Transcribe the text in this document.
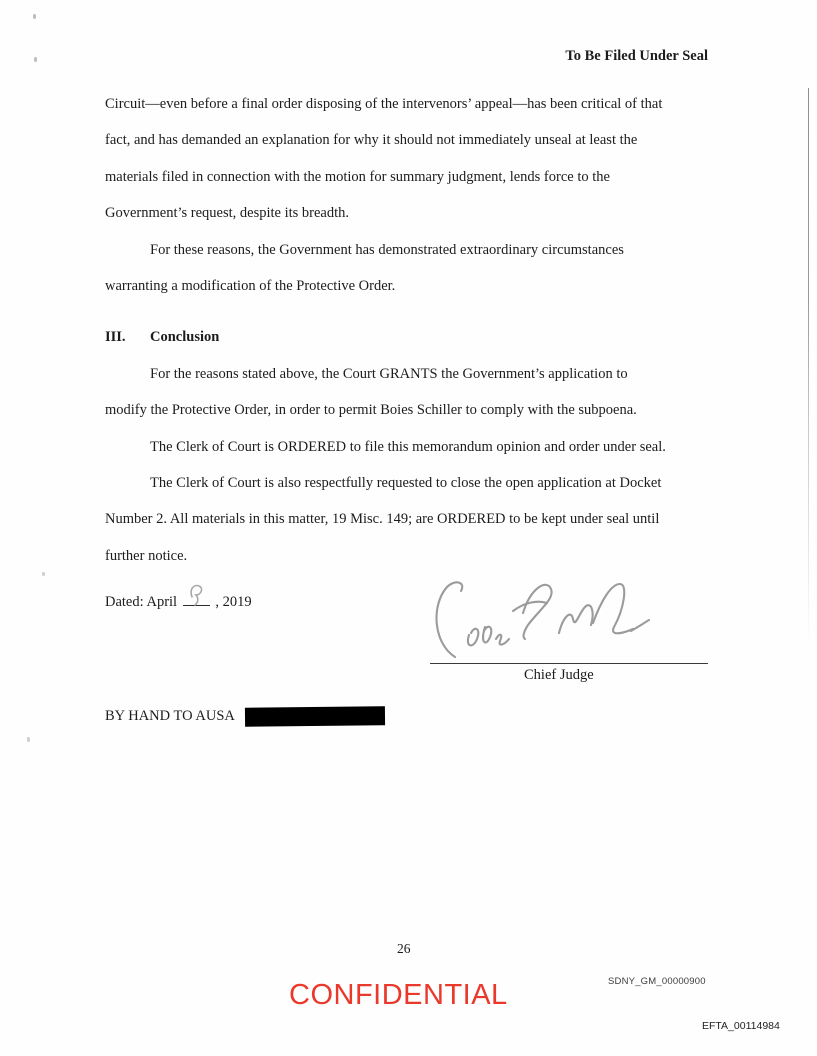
To Be Filed Under Seal
Circuit—even before a final order disposing of the intervenors’ appeal—has been critical of that
fact, and has demanded an explanation for why it should not immediately unseal at least the
materials filed in connection with the motion for summary judgment, lends force to the
Government’s request, despite its breadth.
For these reasons, the Government has demonstrated extraordinary circumstances
warranting a modification of the Protective Order.
III. Conclusion
For the reasons stated above, the Court GRANTS the Government’s application to
modify the Protective Order, in order to permit Boies Schiller to comply with the subpoena.
The Clerk of Court is ORDERED to file this memorandum opinion and order under seal.
The Clerk of Court is also respectfully requested to close the open application at Docket
Number 2. All materials in this matter, 19 Misc. 149; are ORDERED to be kept under seal until
further notice.
Dated: April	, 2019
Chief Judge
BY HAND TO AUSA
26
SDNY_GM_00000900
CONFIDENTIAL
EFTA_00114984
